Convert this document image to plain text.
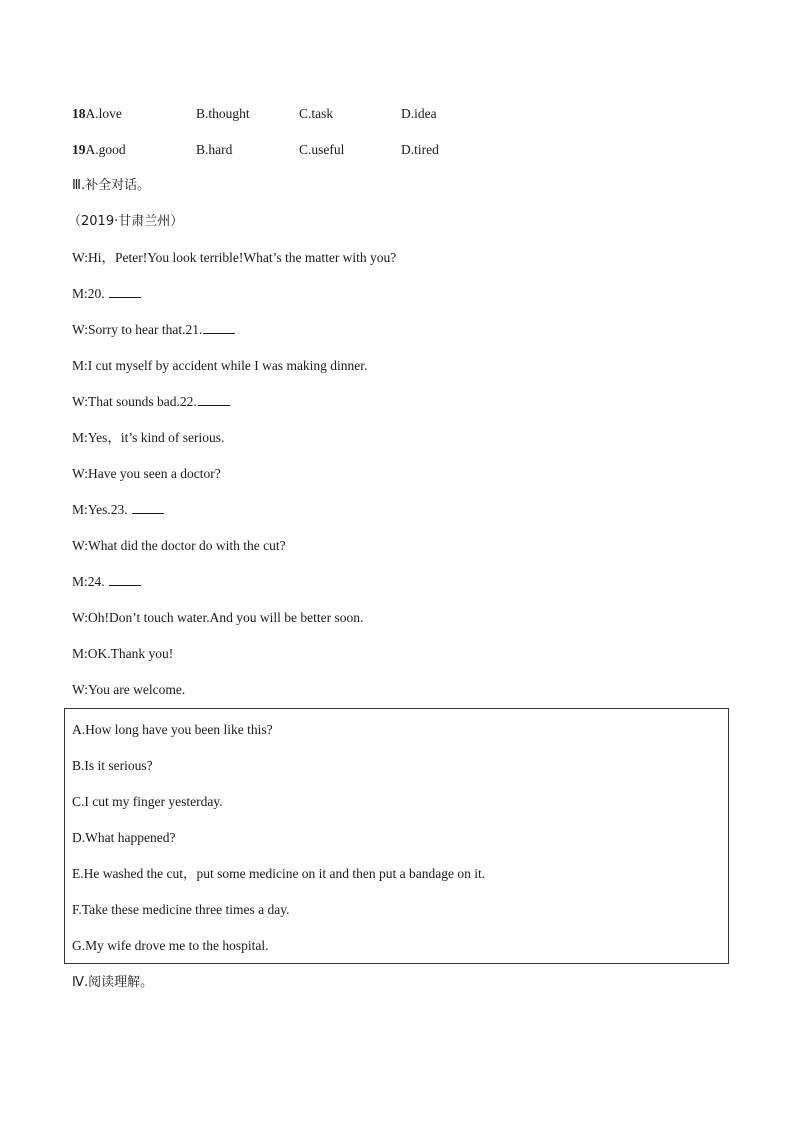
18A.love	B.thought	C.task	D.idea
19A.good	B.hard	C.useful	D.tired
Ⅲ.补全对话。
（2019·甘肃兰州）
W:Hi，Peter!You look terrible!What’s the matter with you?
M:20.
W:Sorry to hear that.21.
M:I cut myself by accident while I was making dinner.
W:That sounds bad.22.
M:Yes，it’s kind of serious.
W:Have you seen a doctor?
M:Yes.23.
W:What did the doctor do with the cut?
M:24.
W:Oh!Don’t touch water.And you will be better soon.
M:OK.Thank you!
W:You are welcome.
A.How long have you been like this?
B.Is it serious?
C.I cut my finger yesterday.
D.What happened?
E.He washed the cut，put some medicine on it and then put a bandage on it.
F.Take these medicine three times a day.
G.My wife drove me to the hospital.
Ⅳ.阅读理解。
